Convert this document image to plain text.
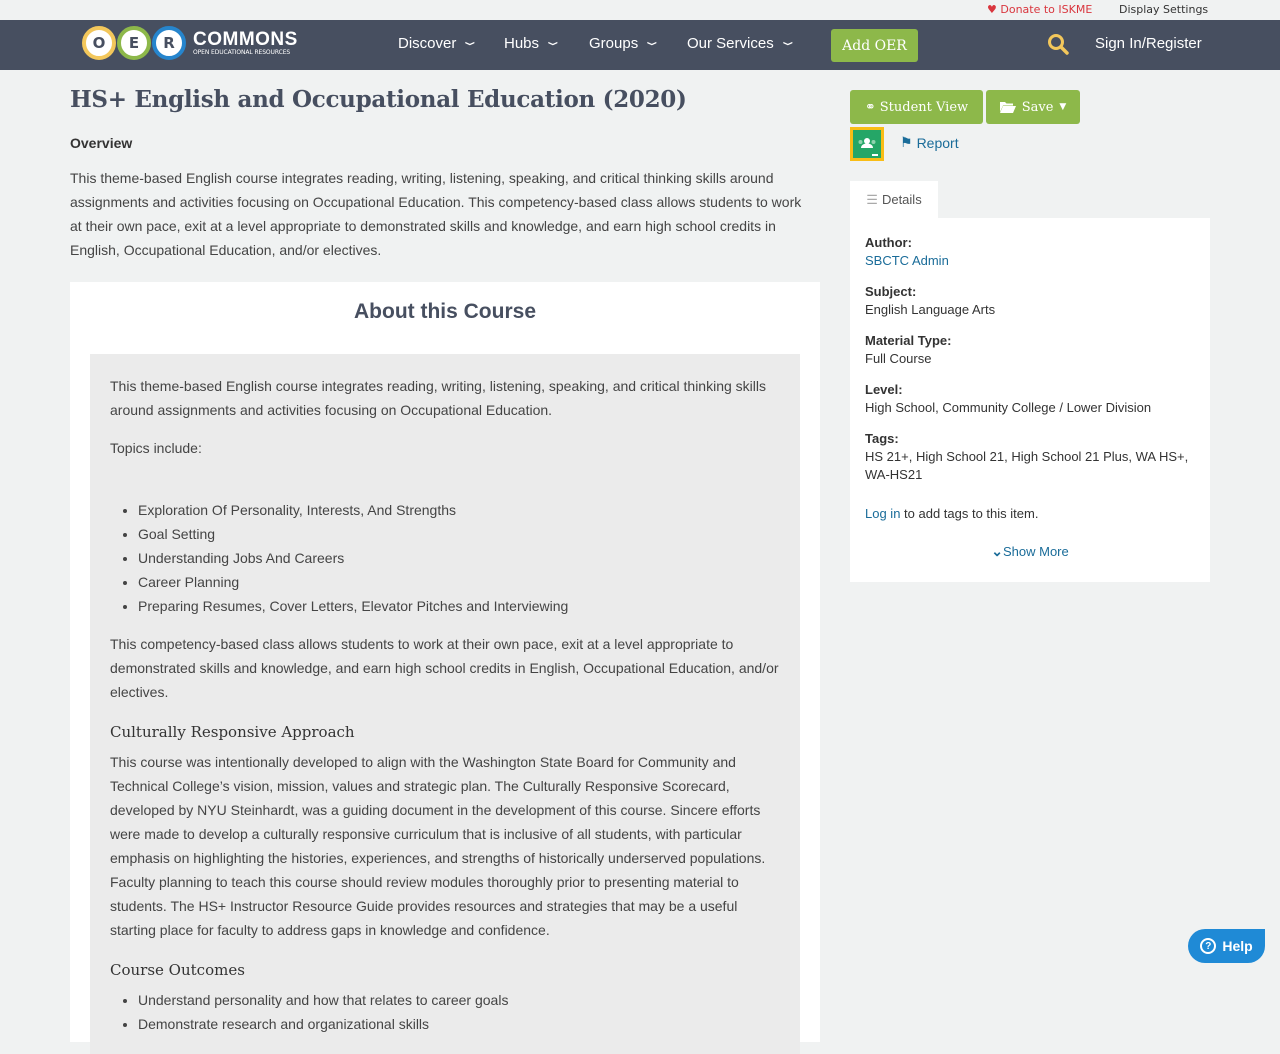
♥ Donate to ISKME Display Settings
O	E	R COMMONS
OPEN EDUCATIONAL RESOURCES	Discover ❯ Hubs ❯ Groups ❯ Our Services ❯	Add OER	Sign In/Register
HS+ English and Occupational Education (2020)
Overview

This theme-based English course integrates reading, writing, listening, speaking, and critical thinking skills around assignments and activities focusing on Occupational Education. This competency-based class allows students to work at their own pace, exit at a level appropriate to demonstrated skills and knowledge, and earn high school credits in English, Occupational Education, and/or electives.

About this Course

This theme-based English course integrates reading, writing, listening, speaking, and critical thinking skills around assignments and activities focusing on Occupational Education.

Topics include:

• Exploration Of Personality, Interests, And Strengths
• Goal Setting
• Understanding Jobs And Careers
• Career Planning
• Preparing Resumes, Cover Letters, Elevator Pitches and Interviewing

This competency-based class allows students to work at their own pace, exit at a level appropriate to demonstrated skills and knowledge, and earn high school credits in English, Occupational Education, and/or electives.

Culturally Responsive Approach

This course was intentionally developed to align with the Washington State Board for Community and Technical College’s vision, mission, values and strategic plan. The Culturally Responsive Scorecard, developed by NYU Steinhardt, was a guiding document in the development of this course. Sincere efforts were made to develop a culturally responsive curriculum that is inclusive of all students, with particular emphasis on highlighting the histories, experiences, and strengths of historically underserved populations. Faculty planning to teach this course should review modules thoroughly prior to presenting material to students. The HS+ Instructor Resource Guide provides resources and strategies that may be a useful starting place for faculty to address gaps in knowledge and confidence.

Course Outcomes
• Understand personality and how that relates to career goals
• Demonstrate research and organizational skills
⚭ Student View	Save ▼
⚑ Report
☰ Details
Author:
SBCTC Admin
Subject:
English Language Arts
Material Type:
Full Course
Level:
High School, Community College / Lower Division
Tags:
HS 21+, High School 21, High School 21 Plus, WA HS+, WA-HS21
Log in to add tags to this item.
⌄Show More
? Help
